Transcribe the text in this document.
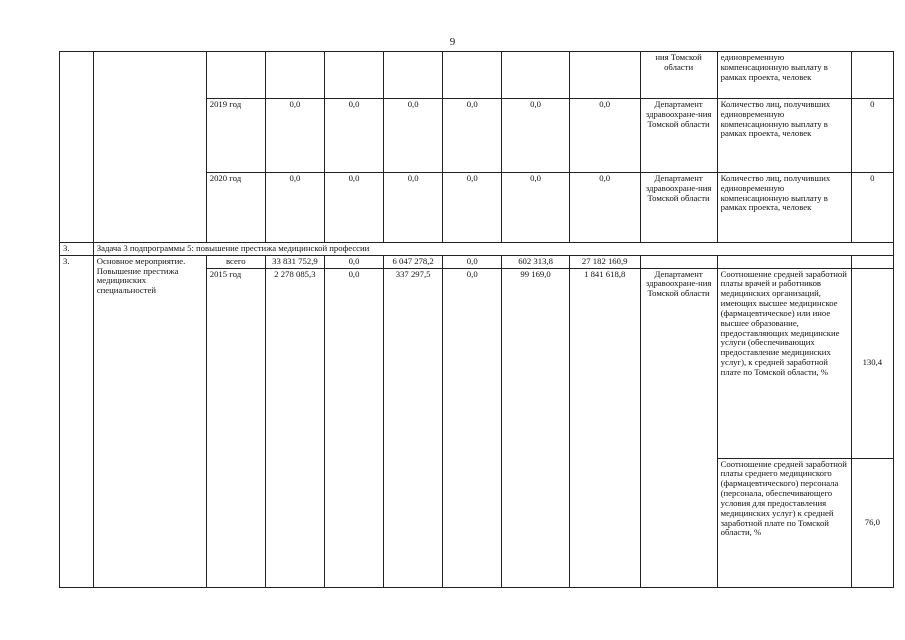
9
									ния Томской области	единовременную компенсационную выплату в рамках проекта, человек	
		2019 год	0,0	0,0	0,0	0,0	0,0	0,0	Департамент здравоохране-ния Томской области	Количество лиц, получивших единовременную компенсационную выплату в рамках проекта, человек	0
		2020 год	0,0	0,0	0,0	0,0	0,0	0,0	Департамент здравоохране-ния Томской области	Количество лиц, получивших единовременную компенсационную выплату в рамках проекта, человек	0
3.	Задача 3 подпрограммы 5: повышение престижа медицинской профессии										
3.	Основное мероприятие. Повышение престижа медицинских специальностей	всего	33 831 752,9	0,0	6 047 278,2	0,0	602 313,8	27 182 160,9			
		2015 год	2 278 085,3	0,0	337 297,5	0,0	99 169,0	1 841 618,8	Департамент здравоохране-ния Томской области	Соотношение средней заработной платы врачей и работников медицинских организаций, имеющих высшее медицинское (фармацевтическое) или иное высшее образование, предоставляющих медицинские услуги (обеспечивающих предоставление медицинских услуг), к средней заработной плате по Томской области, %	130,4
										Соотношение средней заработной платы среднего медицинского (фармацевтического) персонала (персонала, обеспечивающего условия для предоставления медицинских услуг) к средней заработной плате по Томской области, %	76,0
